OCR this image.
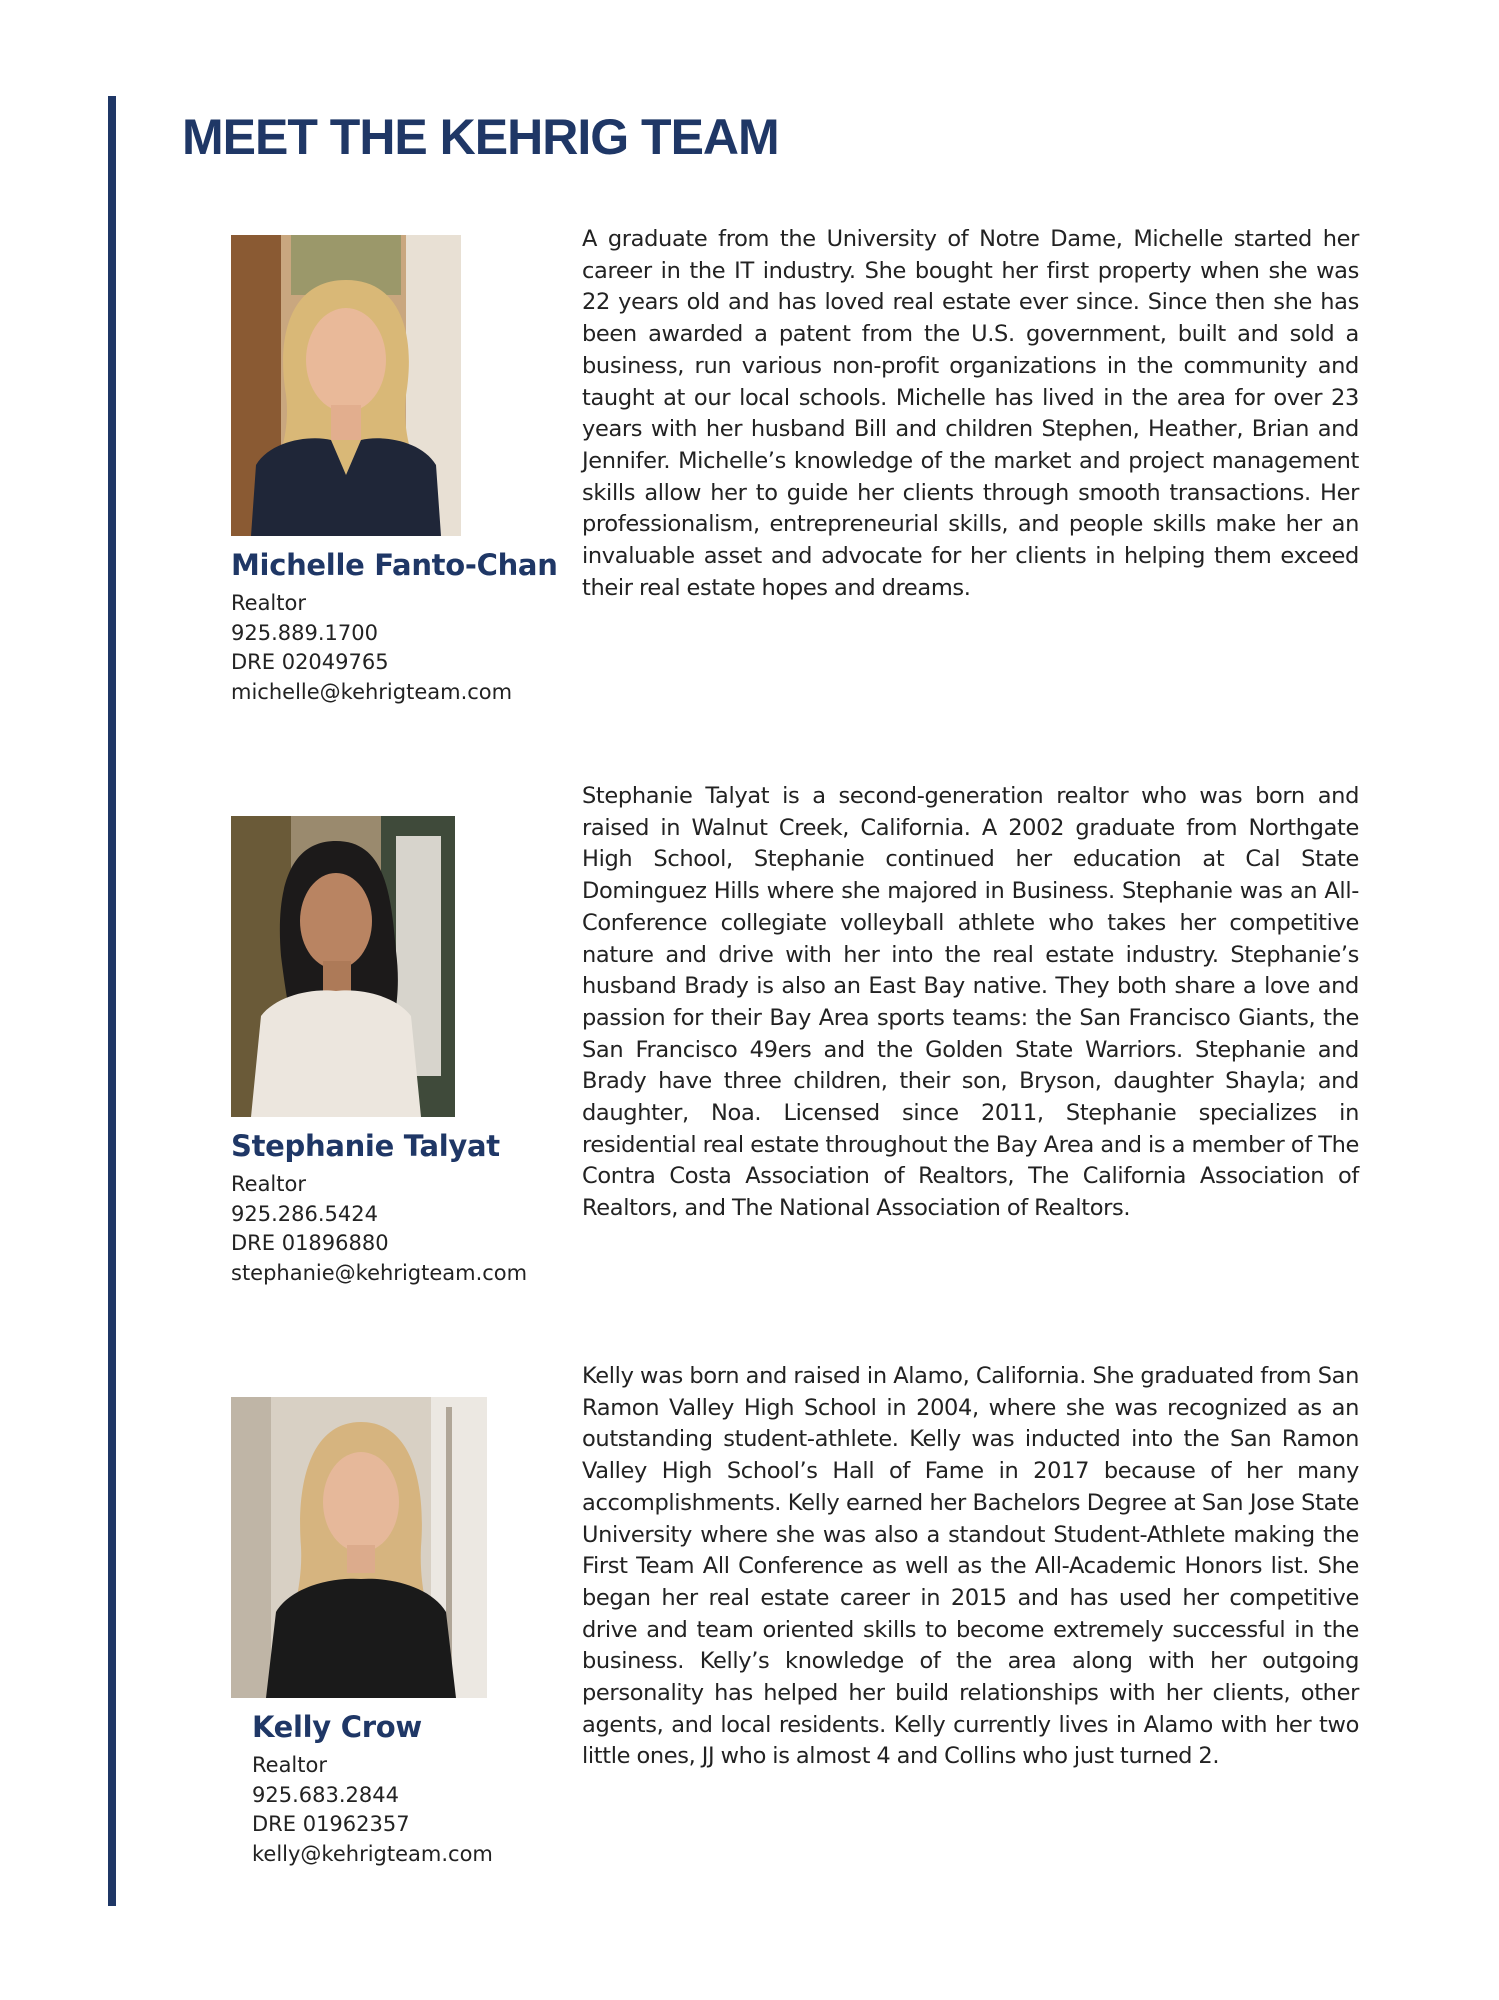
MEET THE KEHRIG TEAM
Michelle Fanto-Chan
Realtor
925.889.1700
DRE 02049765
michelle@kehrigteam.com
A graduate from the University of Notre Dame, Michelle started her career in the IT industry. She bought her first property when she was 22 years old and has loved real estate ever since. Since then she has been awarded a patent from the U.S. government, built and sold a business, run various non-profit organizations in the community and taught at our local schools. Michelle has lived in the area for over 23 years with her husband Bill and children Stephen, Heather, Brian and Jennifer. Michelle’s knowledge of the market and project management skills allow her to guide her clients through smooth transactions. Her professionalism, entrepreneurial skills, and people skills make her an invaluable asset and advocate for her clients in helping them exceed their real estate hopes and dreams.
Stephanie Talyat
Realtor
925.286.5424
DRE 01896880
stephanie@kehrigteam.com
Stephanie Talyat is a second-generation realtor who was born and raised in Walnut Creek, California. A 2002 graduate from Northgate High School, Stephanie continued her education at Cal State Dominguez Hills where she majored in Business. Stephanie was an All-Conference collegiate volleyball athlete who takes her competitive nature and drive with her into the real estate industry. Stephanie’s husband Brady is also an East Bay native. They both share a love and passion for their Bay Area sports teams: the San Francisco Giants, the San Francisco 49ers and the Golden State Warriors. Stephanie and Brady have three children, their son, Bryson, daughter Shayla; and daughter, Noa. Licensed since 2011, Stephanie specializes in residential real estate throughout the Bay Area and is a member of The Contra Costa Association of Realtors, The California Association of Realtors, and The National Association of Realtors.
Kelly Crow
Realtor
925.683.2844
DRE 01962357
kelly@kehrigteam.com
Kelly was born and raised in Alamo, California. She graduated from San Ramon Valley High School in 2004, where she was recognized as an outstanding student-athlete. Kelly was inducted into the San Ramon Valley High School’s Hall of Fame in 2017 because of her many accomplishments. Kelly earned her Bachelors Degree at San Jose State University where she was also a standout Student-Athlete making the First Team All Conference as well as the All-Academic Honors list. She began her real estate career in 2015 and has used her competitive drive and team oriented skills to become extremely successful in the business. Kelly’s knowledge of the area along with her outgoing personality has helped her build relationships with her clients, other agents, and local residents. Kelly currently lives in Alamo with her two little ones, JJ who is almost 4 and Collins who just turned 2.
